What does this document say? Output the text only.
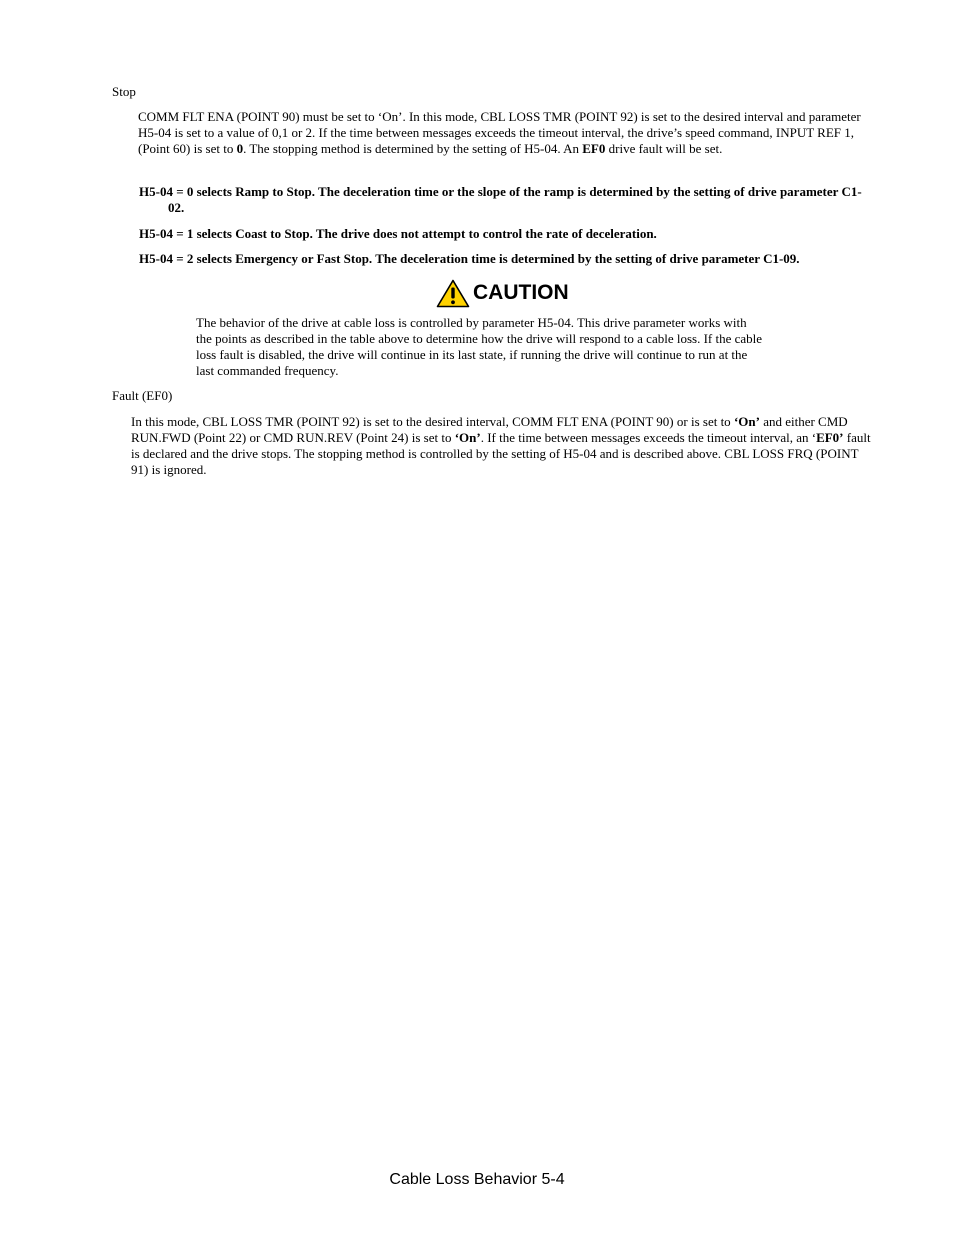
Stop
COMM FLT ENA (POINT 90) must be set to ‘On’. In this mode, CBL LOSS TMR (POINT 92) is set to the desired interval and parameter H5-04 is set to a value of 0,1 or 2. If the time between messages exceeds the timeout interval, the drive’s speed command, INPUT REF 1, (Point 60) is set to 0. The stopping method is determined by the setting of H5-04. An EF0 drive fault will be set.
H5-04 = 0 selects Ramp to Stop. The deceleration time or the slope of the ramp is determined by the setting of drive parameter C1-02.
H5-04 = 1 selects Coast to Stop. The drive does not attempt to control the rate of deceleration.
H5-04 = 2 selects Emergency or Fast Stop. The deceleration time is determined by the setting of drive parameter C1-09.
CAUTION
The behavior of the drive at cable loss is controlled by parameter H5-04. This drive parameter works with the points as described in the table above to determine how the drive will respond to a cable loss. If the cable loss fault is disabled, the drive will continue in its last state, if running the drive will continue to run at the last commanded frequency.
Fault (EF0)
In this mode, CBL LOSS TMR (POINT 92) is set to the desired interval, COMM FLT ENA (POINT 90) or is set to ‘On’ and either CMD RUN.FWD (Point 22) or CMD RUN.REV (Point 24) is set to ‘On’. If the time between messages exceeds the timeout interval, an ‘EF0’ fault is declared and the drive stops. The stopping method is controlled by the setting of H5-04 and is described above. CBL LOSS FRQ (POINT 91) is ignored.
Cable Loss Behavior 5-4
